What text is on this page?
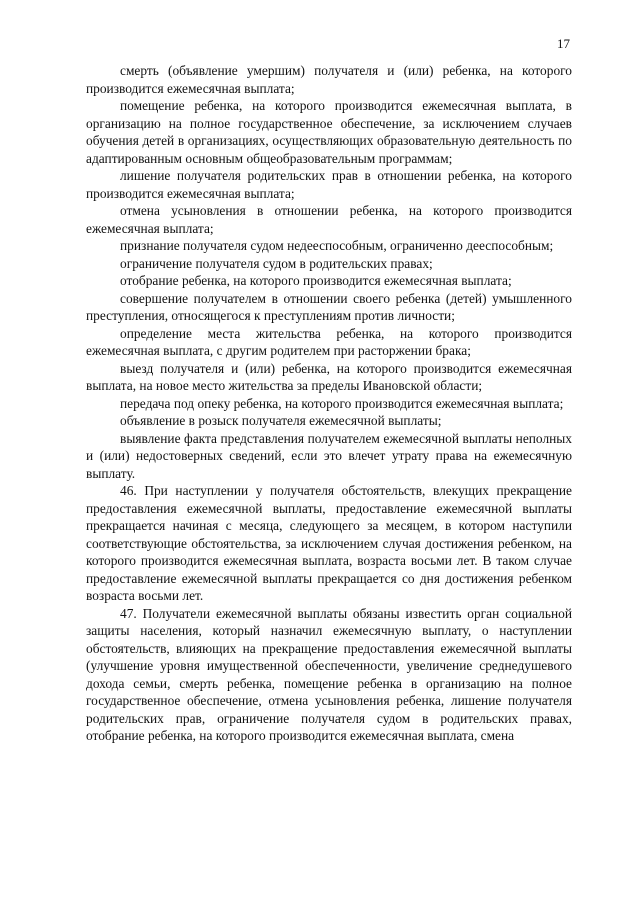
17

смерть (объявление умершим) получателя и (или) ребенка, на которого производится ежемесячная выплата;

помещение ребенка, на которого производится ежемесячная выплата, в организацию на полное государственное обеспечение, за исключением случаев обучения детей в организациях, осуществляющих образовательную деятельность по адаптированным основным общеобразовательным программам;

лишение получателя родительских прав в отношении ребенка, на которого производится ежемесячная выплата;

отмена усыновления в отношении ребенка, на которого производится ежемесячная выплата;

признание получателя судом недееспособным, ограниченно дееспособным;

ограничение получателя судом в родительских правах;

отобрание ребенка, на которого производится ежемесячная выплата;

совершение получателем в отношении своего ребенка (детей) умышленного преступления, относящегося к преступлениям против личности;

определение места жительства ребенка, на которого производится ежемесячная выплата, с другим родителем при расторжении брака;

выезд получателя и (или) ребенка, на которого производится ежемесячная выплата, на новое место жительства за пределы Ивановской области;

передача под опеку ребенка, на которого производится ежемесячная выплата;

объявление в розыск получателя ежемесячной выплаты;

выявление факта представления получателем ежемесячной выплаты неполных и (или) недостоверных сведений, если это влечет утрату права на ежемесячную выплату.

46. При наступлении у получателя обстоятельств, влекущих прекращение предоставления ежемесячной выплаты, предоставление ежемесячной выплаты прекращается начиная с месяца, следующего за месяцем, в котором наступили соответствующие обстоятельства, за исключением случая достижения ребенком, на которого производится ежемесячная выплата, возраста восьми лет. В таком случае предоставление ежемесячной выплаты прекращается со дня достижения ребенком возраста восьми лет.

47. Получатели ежемесячной выплаты обязаны известить орган социальной защиты населения, который назначил ежемесячную выплату, о наступлении обстоятельств, влияющих на прекращение предоставления ежемесячной выплаты (улучшение уровня имущественной обеспеченности, увеличение среднедушевого дохода семьи, смерть ребенка, помещение ребенка в организацию на полное государственное обеспечение, отмена усыновления ребенка, лишение получателя родительских прав, ограничение получателя судом в родительских правах, отобрание ребенка, на которого производится ежемесячная выплата, смена
